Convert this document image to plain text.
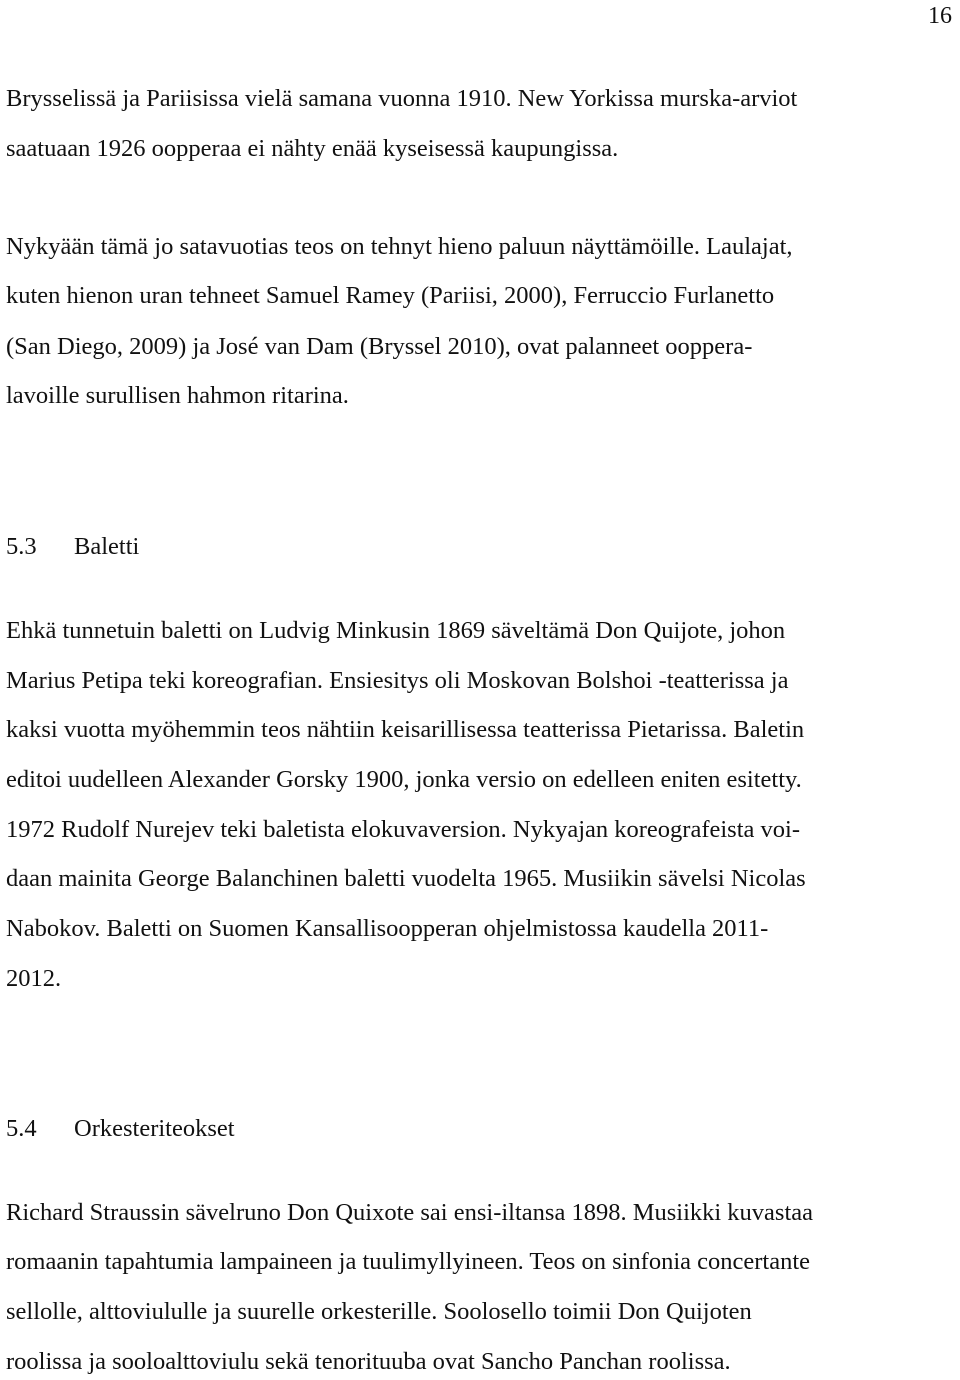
16
Brysselissä ja Pariisissa vielä samana vuonna 1910. New Yorkissa murska-arviot
saatuaan 1926 oopperaa ei nähty enää kyseisessä kaupungissa.
Nykyään tämä jo satavuotias teos on tehnyt hieno paluun näyttämöille. Laulajat,
kuten hienon uran tehneet Samuel Ramey (Pariisi, 2000), Ferruccio Furlanetto
(San Diego, 2009) ja José van Dam (Bryssel 2010), ovat palanneet ooppera-
lavoille surullisen hahmon ritarina.
5.3 Baletti
Ehkä tunnetuin baletti on Ludvig Minkusin 1869 säveltämä Don Quijote, johon
Marius Petipa teki koreografian. Ensiesitys oli Moskovan Bolshoi -teatterissa ja
kaksi vuotta myöhemmin teos nähtiin keisarillisessa teatterissa Pietarissa. Baletin
editoi uudelleen Alexander Gorsky 1900, jonka versio on edelleen eniten esitetty.
1972 Rudolf Nurejev teki baletista elokuvaversion. Nykyajan koreografeista voi-
daan mainita George Balanchinen baletti vuodelta 1965. Musiikin sävelsi Nicolas
Nabokov. Baletti on Suomen Kansallisoopperan ohjelmistossa kaudella 2011-
2012.
5.4 Orkesteriteokset
Richard Straussin sävelruno Don Quixote sai ensi-iltansa 1898. Musiikki kuvastaa
romaanin tapahtumia lampaineen ja tuulimyllyineen. Teos on sinfonia concertante
sellolle, alttoviululle ja suurelle orkesterille. Soolosello toimii Don Quijoten
roolissa ja sooloalttoviulu sekä tenorituuba ovat Sancho Panchan roolissa.
